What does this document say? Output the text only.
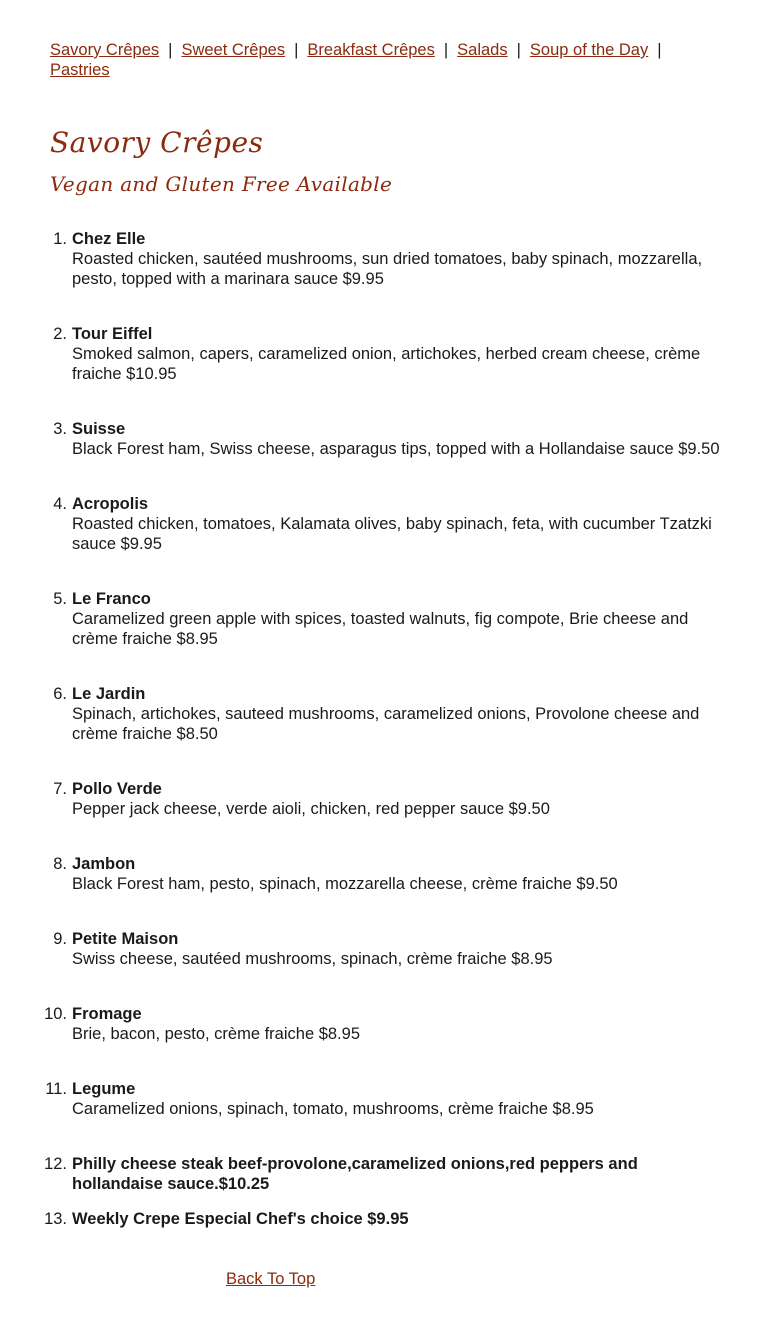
Savory Crêpes | Sweet Crêpes | Breakfast Crêpes | Salads | Soup of the Day |
Pastries
Savory Crêpes
Vegan and Gluten Free Available
1. Chez Elle
Roasted chicken, sautéed mushrooms, sun dried tomatoes, baby spinach, mozzarella, pesto, topped with a marinara sauce $9.95
2. Tour Eiffel
Smoked salmon, capers, caramelized onion, artichokes, herbed cream cheese, crème fraiche $10.95
3. Suisse
Black Forest ham, Swiss cheese, asparagus tips, topped with a Hollandaise sauce $9.50
4. Acropolis
Roasted chicken, tomatoes, Kalamata olives, baby spinach, feta, with cucumber Tzatzki sauce $9.95
5. Le Franco
Caramelized green apple with spices, toasted walnuts, fig compote, Brie cheese and crème fraiche $8.95
6. Le Jardin
Spinach, artichokes, sauteed mushrooms, caramelized onions, Provolone cheese and crème fraiche $8.50
7. Pollo Verde
Pepper jack cheese, verde aioli, chicken, red pepper sauce $9.50
8. Jambon
Black Forest ham, pesto, spinach, mozzarella cheese, crème fraiche $9.50
9. Petite Maison
Swiss cheese, sautéed mushrooms, spinach, crème fraiche $8.95
10. Fromage
Brie, bacon, pesto, crème fraiche $8.95
11. Legume
Caramelized onions, spinach, tomato, mushrooms, crème fraiche $8.95
12. Philly cheese steak beef-provolone,caramelized onions,red peppers and hollandaise sauce.$10.25
13. Weekly Crepe Especial Chef's choice $9.95
Back To Top
